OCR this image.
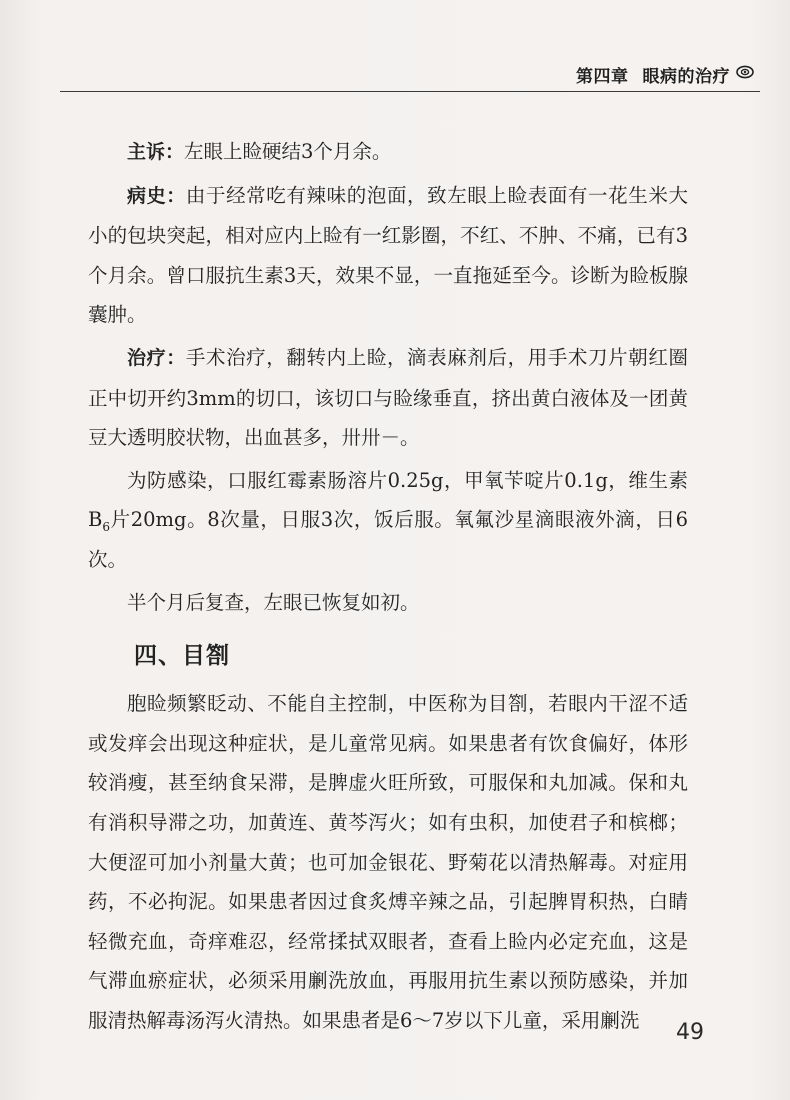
第四章 眼病的治疗

主诉：左眼上睑硬结3个月余。

病史：由于经常吃有辣味的泡面，致左眼上睑表面有一花生米大小的包块突起，相对应内上睑有一红影圈，不红、不肿、不痛，已有3个月余。曾口服抗生素3天，效果不显，一直拖延至今。诊断为睑板腺囊肿。

治疗：手术治疗，翻转内上睑，滴表麻剂后，用手术刀片朝红圈正中切开约3mm的切口，该切口与睑缘垂直，挤出黄白液体及一团黄豆大透明胶状物，出血甚多，卅卅－。

为防感染，口服红霉素肠溶片0.25g，甲氧苄啶片0.1g，维生素$B_6$片20mg。8次量，日服3次，饭后服。氧氟沙星滴眼液外滴，日6次。

半个月后复查，左眼已恢复如初。

四、目劄

胞睑频繁眨动、不能自主控制，中医称为目劄，若眼内干涩不适或发痒会出现这种症状，是儿童常见病。如果患者有饮食偏好，体形较消瘦，甚至纳食呆滞，是脾虚火旺所致，可服保和丸加减。保和丸有消积导滞之功，加黄连、黄芩泻火；如有虫积，加使君子和槟榔；大便涩可加小剂量大黄；也可加金银花、野菊花以清热解毒。对症用药，不必拘泥。如果患者因过食炙煿辛辣之品，引起脾胃积热，白睛轻微充血，奇痒难忍，经常揉拭双眼者，查看上睑内必定充血，这是气滞血瘀症状，必须采用劆洗放血，再服用抗生素以预防感染，并加服清热解毒汤泻火清热。如果患者是6～7岁以下儿童，采用劆洗	49
